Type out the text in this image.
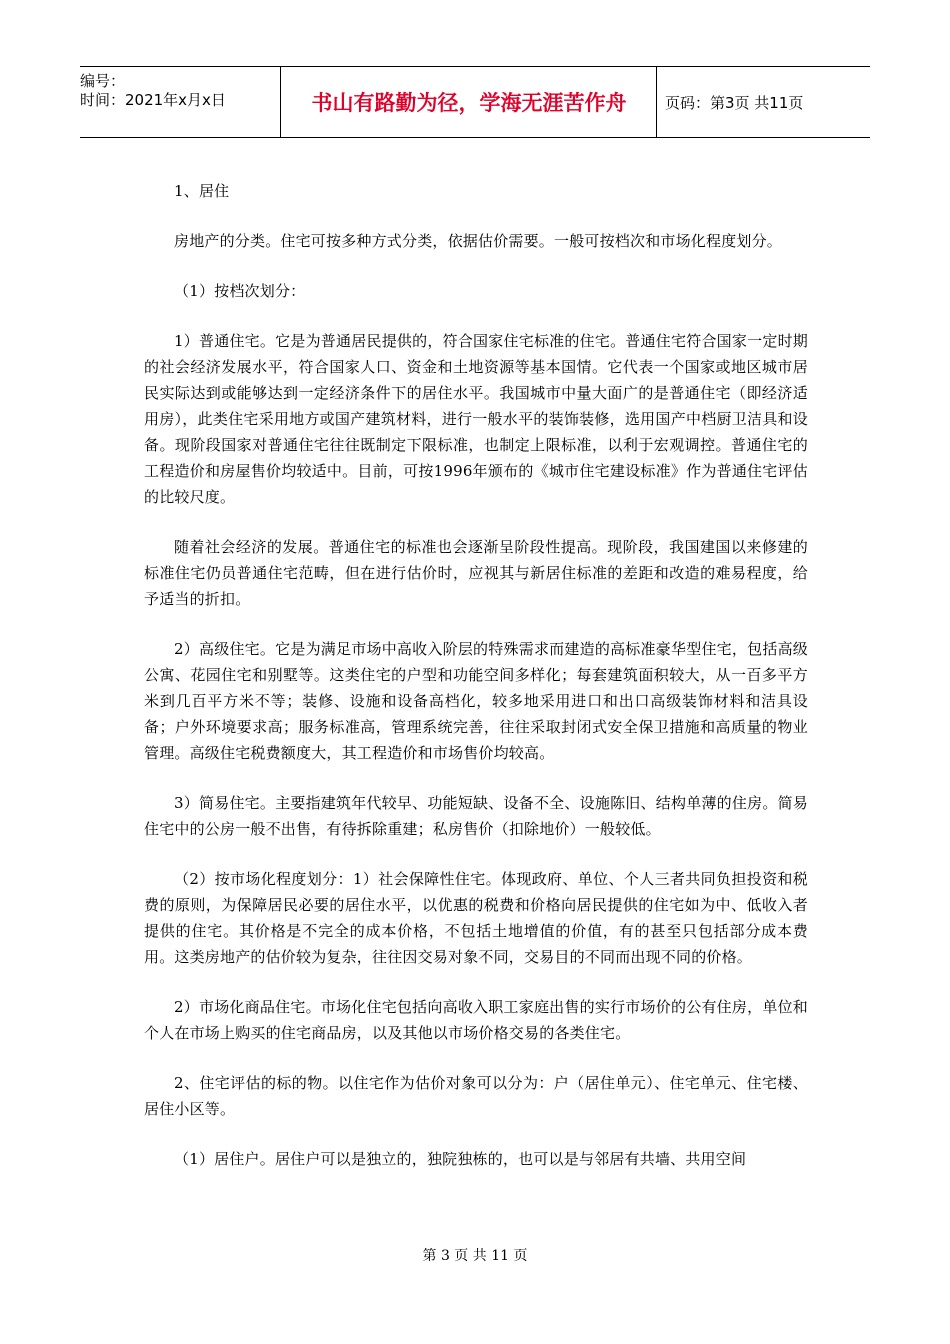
编号：
时间：2021年x月x日	书山有路勤为径，学海无涯苦作舟	页码：第3页 共11页

1、居住

房地产的分类。住宅可按多种方式分类，依据估价需要。一般可按档次和市场化程度划分。

（1）按档次划分：

1）普通住宅。它是为普通居民提供的，符合国家住宅标准的住宅。普通住宅符合国家一定时期的社会经济发展水平，符合国家人口、资金和土地资源等基本国情。它代表一个国家或地区城市居民实际达到或能够达到一定经济条件下的居住水平。我国城市中量大面广的是普通住宅（即经济适用房），此类住宅采用地方或国产建筑材料，进行一般水平的装饰装修，选用国产中档厨卫洁具和设备。现阶段国家对普通住宅往往既制定下限标准，也制定上限标准，以利于宏观调控。普通住宅的工程造价和房屋售价均较适中。目前，可按1996年颁布的《城市住宅建设标准》作为普通住宅评估的比较尺度。

随着社会经济的发展。普通住宅的标准也会逐渐呈阶段性提高。现阶段，我国建国以来修建的标准住宅仍员普通住宅范畴，但在进行估价时，应视其与新居住标准的差距和改造的难易程度，给予适当的折扣。

2）高级住宅。它是为满足市场中高收入阶层的特殊需求而建造的高标准豪华型住宅，包括高级公寓、花园住宅和别墅等。这类住宅的户型和功能空间多样化；每套建筑面积较大，从一百多平方米到几百平方米不等；装修、设施和设备高档化，较多地采用进口和出口高级装饰材料和洁具设备；户外环境要求高；服务标准高，管理系统完善，往往采取封闭式安全保卫措施和高质量的物业管理。高级住宅税费额度大，其工程造价和市场售价均较高。

3）简易住宅。主要指建筑年代较早、功能短缺、设备不全、设施陈旧、结构单薄的住房。简易住宅中的公房一般不出售，有待拆除重建；私房售价（扣除地价）一般较低。

（2）按市场化程度划分：1）社会保障性住宅。体现政府、单位、个人三者共同负担投资和税费的原则，为保障居民必要的居住水平，以优惠的税费和价格向居民提供的住宅如为中、低收入者提供的住宅。其价格是不完全的成本价格，不包括土地增值的价值，有的甚至只包括部分成本费用。这类房地产的估价较为复杂，往往因交易对象不同，交易目的不同而出现不同的价格。

2）市场化商品住宅。市场化住宅包括向高收入职工家庭出售的实行市场价的公有住房，单位和个人在市场上购买的住宅商品房，以及其他以市场价格交易的各类住宅。

2、住宅评估的标的物。以住宅作为估价对象可以分为：户（居住单元）、住宅单元、住宅楼、居住小区等。

（1）居住户。居住户可以是独立的，独院独栋的，也可以是与邻居有共墙、共用空间

第 3 页 共 11 页
